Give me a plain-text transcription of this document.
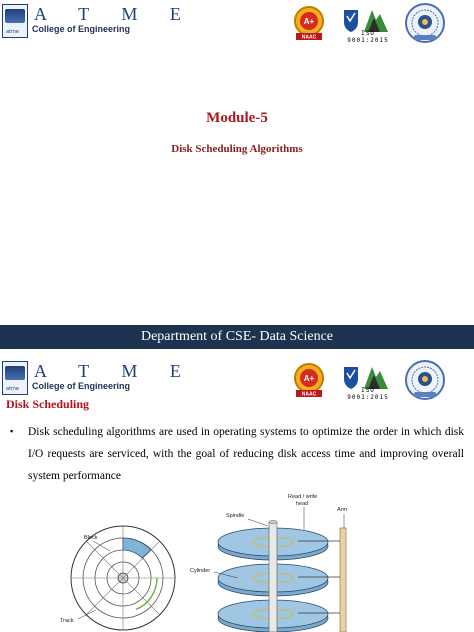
atme
A T M E
College of Engineering
A+
NAAC
ISO 9001:2015
Module-5
Disk Scheduling Algorithms
Department of CSE- Data Science
atme
A T M E
College of Engineering
A+
NAAC
ISO 9001:2015
Disk Scheduling
▪ Disk scheduling algorithms are used in operating systems to optimize the order in which disk I/O requests are serviced, with the goal of reducing disk access time and improving overall system performance
Block
Track
Arm
Read / write
head
Spindle
Cylinder
